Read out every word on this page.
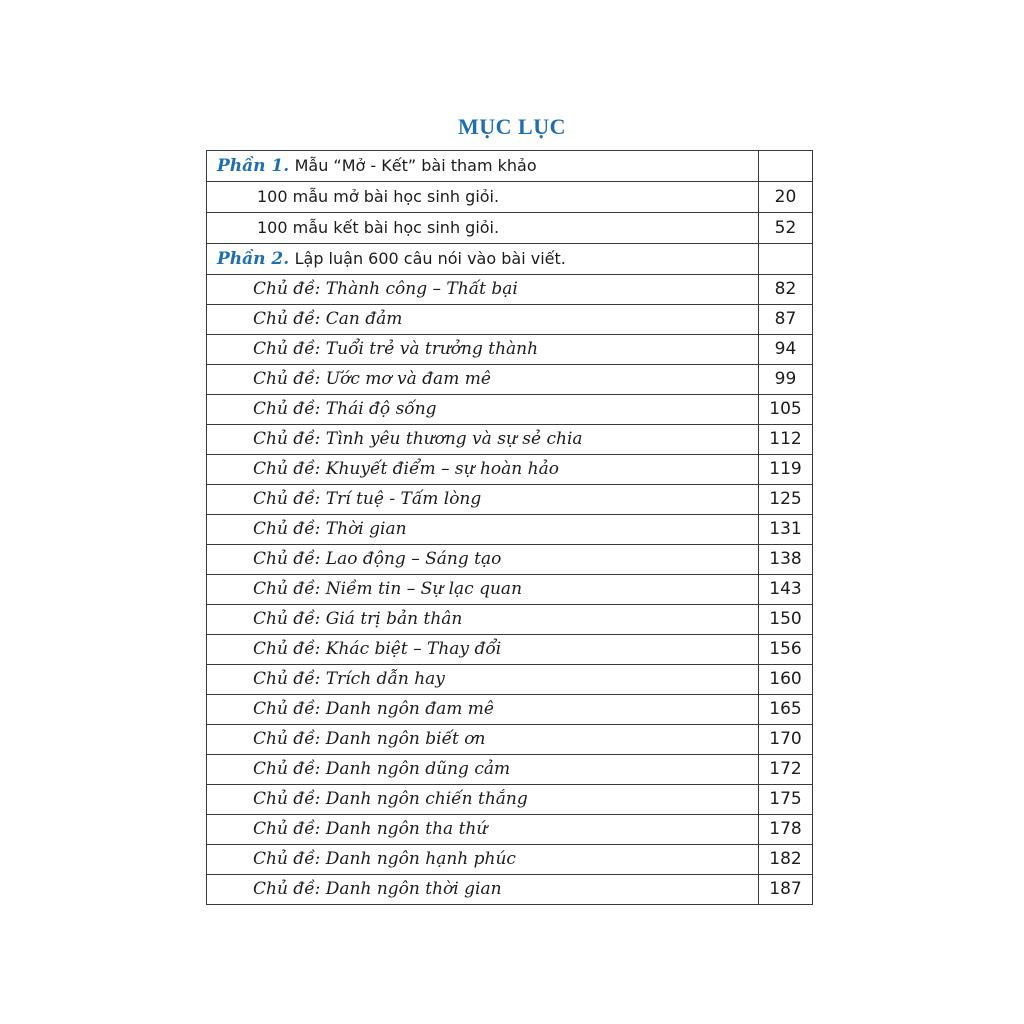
MỤC LỤC
Phần 1. Mẫu “Mở - Kết” bài tham khảo	
100 mẫu mở bài học sinh giỏi.	20
100 mẫu kết bài học sinh giỏi.	52
Phần 2. Lập luận 600 câu nói vào bài viết.	
Chủ đề: Thành công – Thất bại	82
Chủ đề: Can đảm	87
Chủ đề: Tuổi trẻ và trưởng thành	94
Chủ đề: Ước mơ và đam mê	99
Chủ đề: Thái độ sống	105
Chủ đề: Tình yêu thương và sự sẻ chia	112
Chủ đề: Khuyết điểm – sự hoàn hảo	119
Chủ đề: Trí tuệ - Tấm lòng	125
Chủ đề: Thời gian	131
Chủ đề: Lao động – Sáng tạo	138
Chủ đề: Niềm tin – Sự lạc quan	143
Chủ đề: Giá trị bản thân	150
Chủ đề: Khác biệt – Thay đổi	156
Chủ đề: Trích dẫn hay	160
Chủ đề: Danh ngôn đam mê	165
Chủ đề: Danh ngôn biết ơn	170
Chủ đề: Danh ngôn dũng cảm	172
Chủ đề: Danh ngôn chiến thắng	175
Chủ đề: Danh ngôn tha thứ	178
Chủ đề: Danh ngôn hạnh phúc	182
Chủ đề: Danh ngôn thời gian	187
